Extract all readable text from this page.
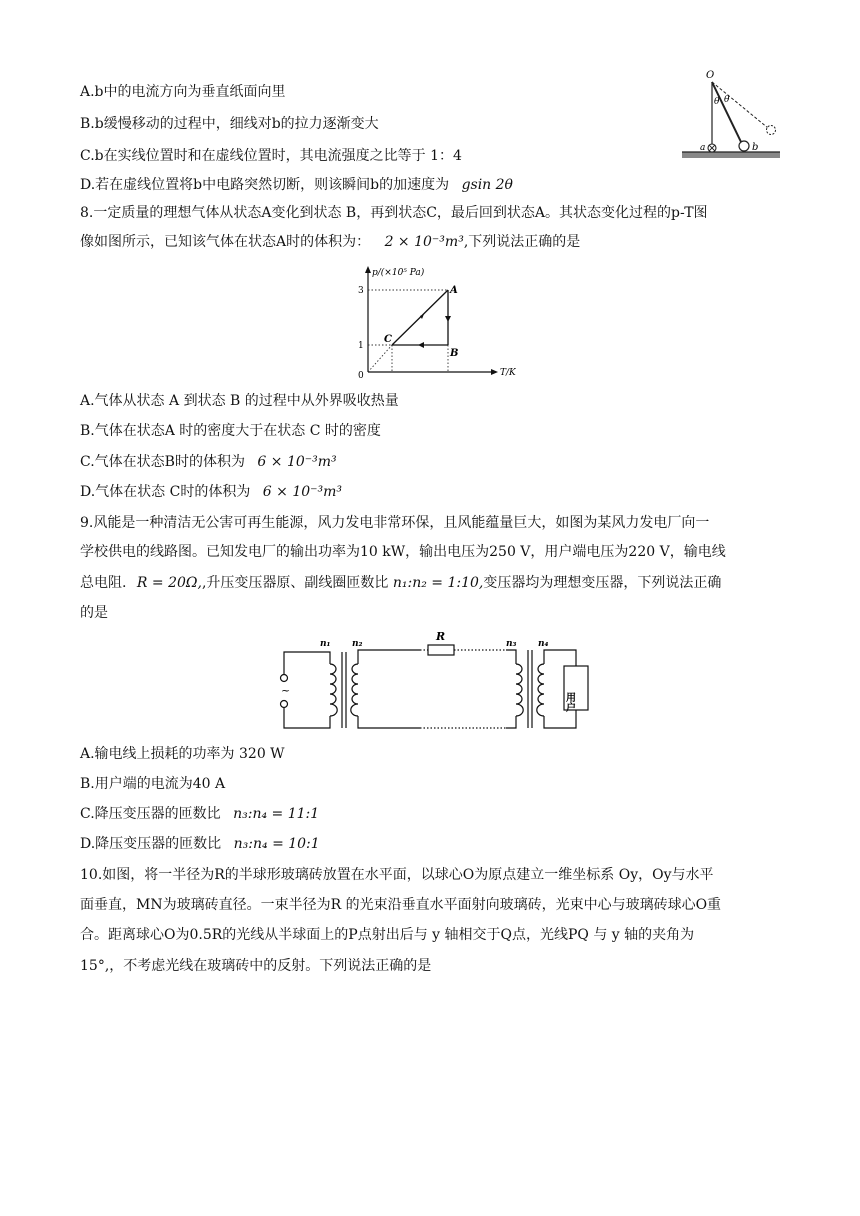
A.b中的电流方向为垂直纸面向里
B.b缓慢移动的过程中，细线对b的拉力逐渐变大
C.b在实线位置时和在虚线位置时，其电流强度之比等于 1：4
D.若在虚线位置将b中电路突然切断，则该瞬间b的加速度为 gsin 2θ
O
θ θ
a	b
8.一定质量的理想气体从状态A变化到状态 B，再到状态C，最后回到状态A。其状态变化过程的p-T图
像如图所示，已知该气体在状态A时的体积为： 2 × 10⁻³m³,下列说法正确的是
p/(×10⁵ Pa)
T/K
3
1
0
A
B
C
A.气体从状态 A 到状态 B 的过程中从外界吸收热量
B.气体在状态A 时的密度大于在状态 C 时的密度
C.气体在状态B时的体积为 6 × 10⁻³m³
D.气体在状态 C时的体积为 6 × 10⁻³m³
9.风能是一种清洁无公害可再生能源，风力发电非常环保，且风能蕴量巨大，如图为某风力发电厂向一
学校供电的线路图。已知发电厂的输出功率为10 kW，输出电压为250 V，用户端电压为220 V，输电线
总电阻. R = 20Ω,,升压变压器原、副线圈匝数比 n₁:n₂ = 1:10,变压器均为理想变压器，下列说法正确
的是
~
n₁ n₂
R
n₃ n₄
用户
A.输电线上损耗的功率为 320 W
B.用户端的电流为40 A
C.降压变压器的匝数比 n₃:n₄ = 11:1
D.降压变压器的匝数比 n₃:n₄ = 10:1
10.如图，将一半径为R的半球形玻璃砖放置在水平面，以球心O为原点建立一维坐标系 Oy，Oy与水平
面垂直，MN为玻璃砖直径。一束半径为R 的光束沿垂直水平面射向玻璃砖，光束中心与玻璃砖球心O重
合。距离球心O为0.5R的光线从半球面上的P点射出后与 y 轴相交于Q点，光线PQ 与 y 轴的夹角为
15°,，不考虑光线在玻璃砖中的反射。下列说法正确的是
